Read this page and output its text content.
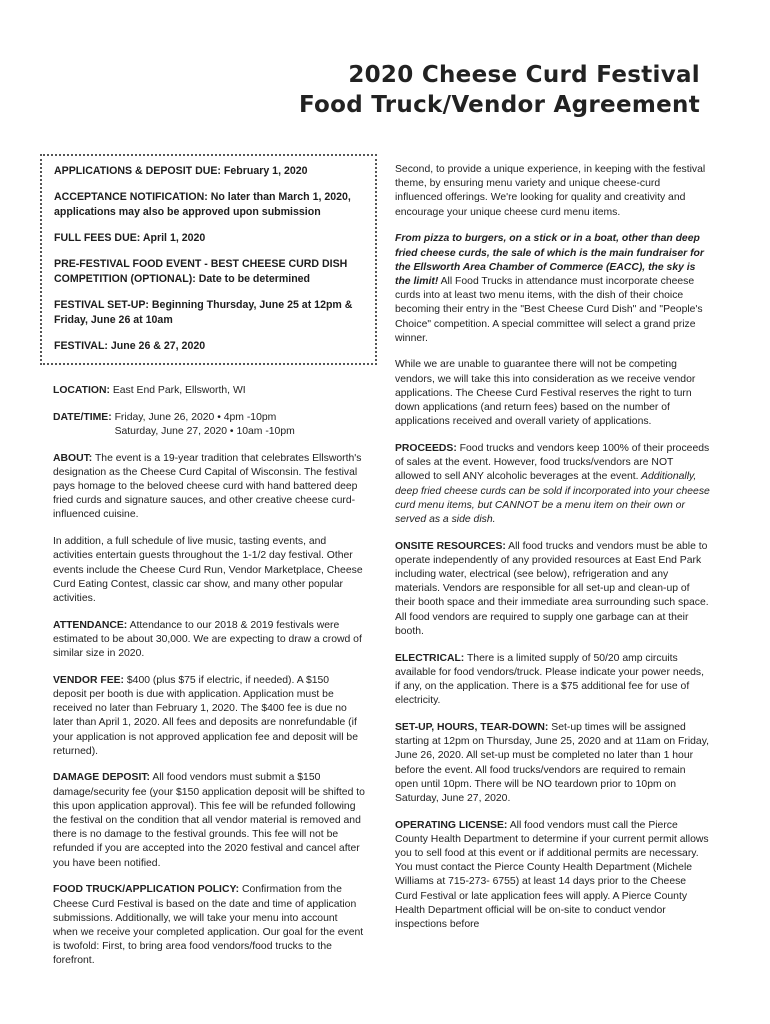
2020 Cheese Curd Festival
Food Truck/Vendor Agreement
APPLICATIONS & DEPOSIT DUE: February 1, 2020
ACCEPTANCE NOTIFICATION: No later than March 1, 2020, applications may also be approved upon submission
FULL FEES DUE: April 1, 2020
PRE-FESTIVAL FOOD EVENT - BEST CHEESE CURD DISH COMPETITION (OPTIONAL): Date to be determined
FESTIVAL SET-UP: Beginning Thursday, June 25 at 12pm & Friday, June 26 at 10am
FESTIVAL: June 26 & 27, 2020

LOCATION: East End Park, Ellsworth, WI

DATE/TIME:
Friday, June 26, 2020 • 4pm -10pm
Saturday, June 27, 2020 • 10am -10pm

ABOUT: The event is a 19-year tradition that celebrates Ellsworth's designation as the Cheese Curd Capital of Wisconsin. The festival pays homage to the beloved cheese curd with hand battered deep fried curds and signature sauces, and other creative cheese curd-influenced cuisine.

In addition, a full schedule of live music, tasting events, and activities entertain guests throughout the 1-1/2 day festival. Other events include the Cheese Curd Run, Vendor Marketplace, Cheese Curd Eating Contest, classic car show, and many other popular activities.

ATTENDANCE: Attendance to our 2018 & 2019 festivals were estimated to be about 30,000. We are expecting to draw a crowd of similar size in 2020.

VENDOR FEE: $400 (plus $75 if electric, if needed). A $150 deposit per booth is due with application. Application must be received no later than February 1, 2020. The $400 fee is due no later than April 1, 2020. All fees and deposits are nonrefundable (if your application is not approved application fee and deposit will be returned).

DAMAGE DEPOSIT: All food vendors must submit a $150 damage/security fee (your $150 application deposit will be shifted to this upon application approval). This fee will be refunded following the festival on the condition that all vendor material is removed and there is no damage to the festival grounds. This fee will not be refunded if you are accepted into the 2020 festival and cancel after you have been notified.

FOOD TRUCK/APPLICATION POLICY: Confirmation from the Cheese Curd Festival is based on the date and time of application submissions. Additionally, we will take your menu into account when we receive your completed application. Our goal for the event is twofold: First, to bring area food vendors/food trucks to the forefront.

Second, to provide a unique experience, in keeping with the festival theme, by ensuring menu variety and unique cheese-curd influenced offerings. We're looking for quality and creativity and encourage your unique cheese curd menu items.

From pizza to burgers, on a stick or in a boat, other than deep fried cheese curds, the sale of which is the main fundraiser for the Ellsworth Area Chamber of Commerce (EACC), the sky is the limit! All Food Trucks in attendance must incorporate cheese curds into at least two menu items, with the dish of their choice becoming their entry in the "Best Cheese Curd Dish" and "People's Choice" competition. A special committee will select a grand prize winner.

While we are unable to guarantee there will not be competing vendors, we will take this into consideration as we receive vendor applications. The Cheese Curd Festival reserves the right to turn down applications (and return fees) based on the number of applications received and overall variety of applications.

PROCEEDS: Food trucks and vendors keep 100% of their proceeds of sales at the event. However, food trucks/vendors are NOT allowed to sell ANY alcoholic beverages at the event. Additionally, deep fried cheese curds can be sold if incorporated into your cheese curd menu items, but CANNOT be a menu item on their own or served as a side dish.

ONSITE RESOURCES: All food trucks and vendors must be able to operate independently of any provided resources at East End Park including water, electrical (see below), refrigeration and any materials. Vendors are responsible for all set-up and clean-up of their booth space and their immediate area surrounding such space. All food vendors are required to supply one garbage can at their booth.

ELECTRICAL: There is a limited supply of 50/20 amp circuits available for food vendors/truck. Please indicate your power needs, if any, on the application. There is a $75 additional fee for use of electricity.

SET-UP, HOURS, TEAR-DOWN: Set-up times will be assigned starting at 12pm on Thursday, June 25, 2020 and at 11am on Friday, June 26, 2020. All set-up must be completed no later than 1 hour before the event. All food trucks/vendors are required to remain open until 10pm. There will be NO teardown prior to 10pm on Saturday, June 27, 2020.

OPERATING LICENSE: All food vendors must call the Pierce County Health Department to determine if your current permit allows you to sell food at this event or if additional permits are necessary. You must contact the Pierce County Health Department (Michele Williams at 715-273- 6755) at least 14 days prior to the Cheese Curd Festival or late application fees will apply. A Pierce County Health Department official will be on-site to conduct vendor inspections before
